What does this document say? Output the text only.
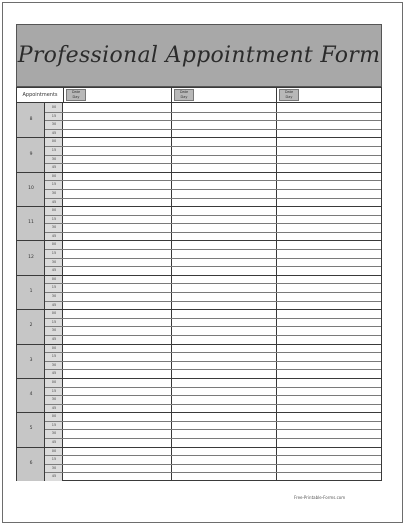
Professional Appointment Form
Appointments	Date
Day
Date
Day
Date
Day
8
00
15
30
45
9
00
15
30
45
10
00
15
30
45
11
00
15
30
45
12
00
15
30
45
1
00
15
30
45
2
00
15
30
45
3
00
15
30
45
4
00
15
30
45
5
00
15
30
45
6
00
15
30
45
Free-Printable-Forms.com
